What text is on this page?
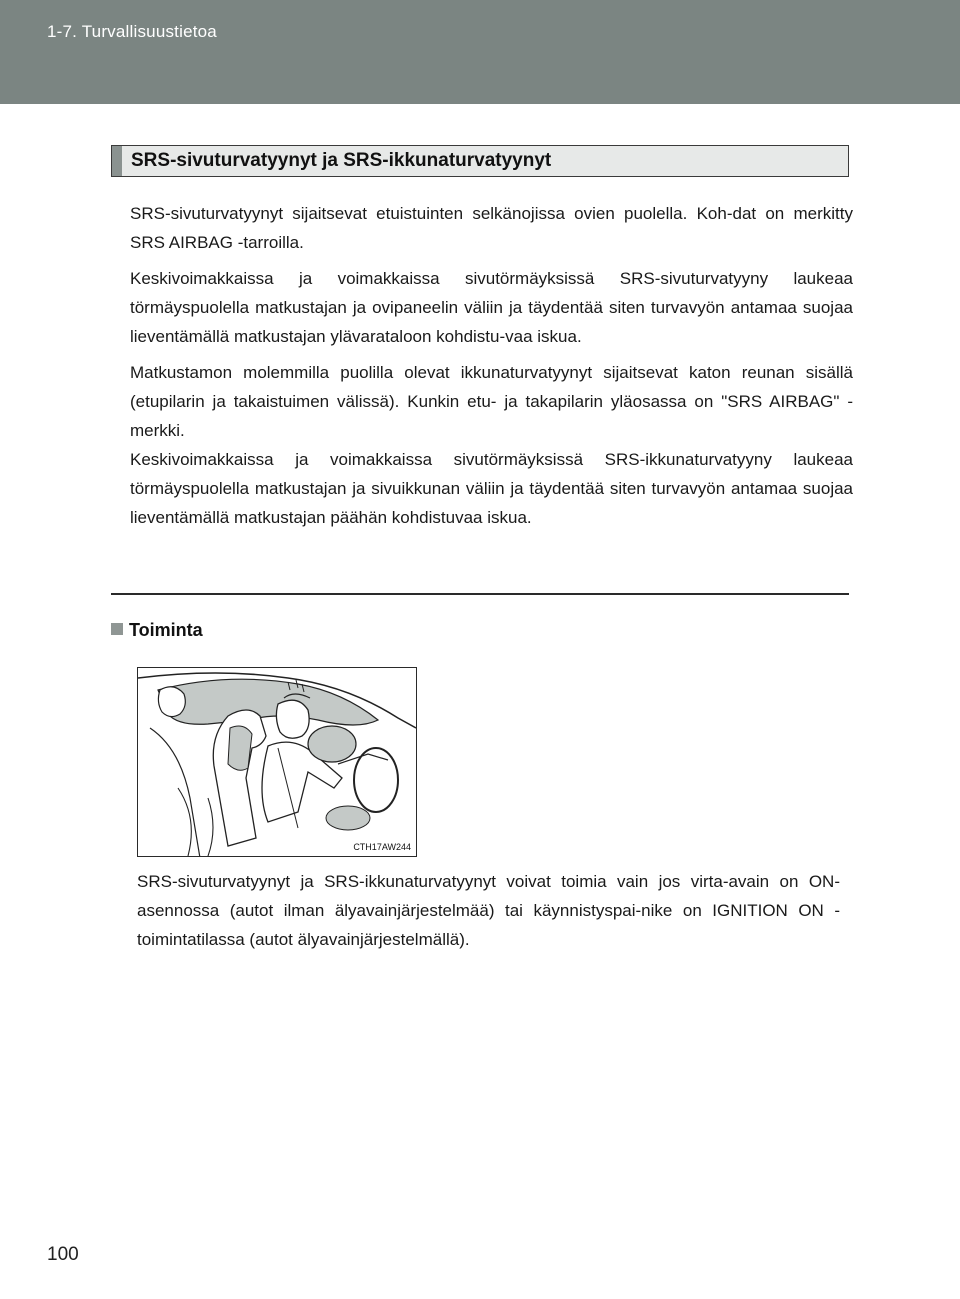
1-7. Turvallisuustietoa
SRS-sivuturvatyynyt ja SRS-ikkunaturvatyynyt

SRS-sivuturvatyynyt sijaitsevat etuistuinten selkänojissa ovien puolella. Koh-dat on merkitty SRS AIRBAG -tarroilla.

Keskivoimakkaissa ja voimakkaissa sivutörmäyksissä SRS-sivuturvatyyny laukeaa törmäyspuolella matkustajan ja ovipaneelin väliin ja täydentää siten turvavyön antamaa suojaa lieventämällä matkustajan ylävarataloon kohdistu-vaa iskua.

Matkustamon molemmilla puolilla olevat ikkunaturvatyynyt sijaitsevat katon reunan sisällä (etupilarin ja takaistuimen välissä). Kunkin etu- ja takapilarin yläosassa on "SRS AIRBAG" -merkki.

Keskivoimakkaissa ja voimakkaissa sivutörmäyksissä SRS-ikkunaturvatyyny laukeaa törmäyspuolella matkustajan ja sivuikkunan väliin ja täydentää siten turvavyön antamaa suojaa lieventämällä matkustajan päähän kohdistuvaa iskua.

Toiminta
CTH17AW244
SRS-sivuturvatyynyt ja SRS-ikkunaturvatyynyt voivat toimia vain jos virta-avain on ON-asennossa (autot ilman älyavainjärjestelmää) tai käynnistyspai-nike on IGNITION ON -toimintatilassa (autot älyavainjärjestelmällä).
100
